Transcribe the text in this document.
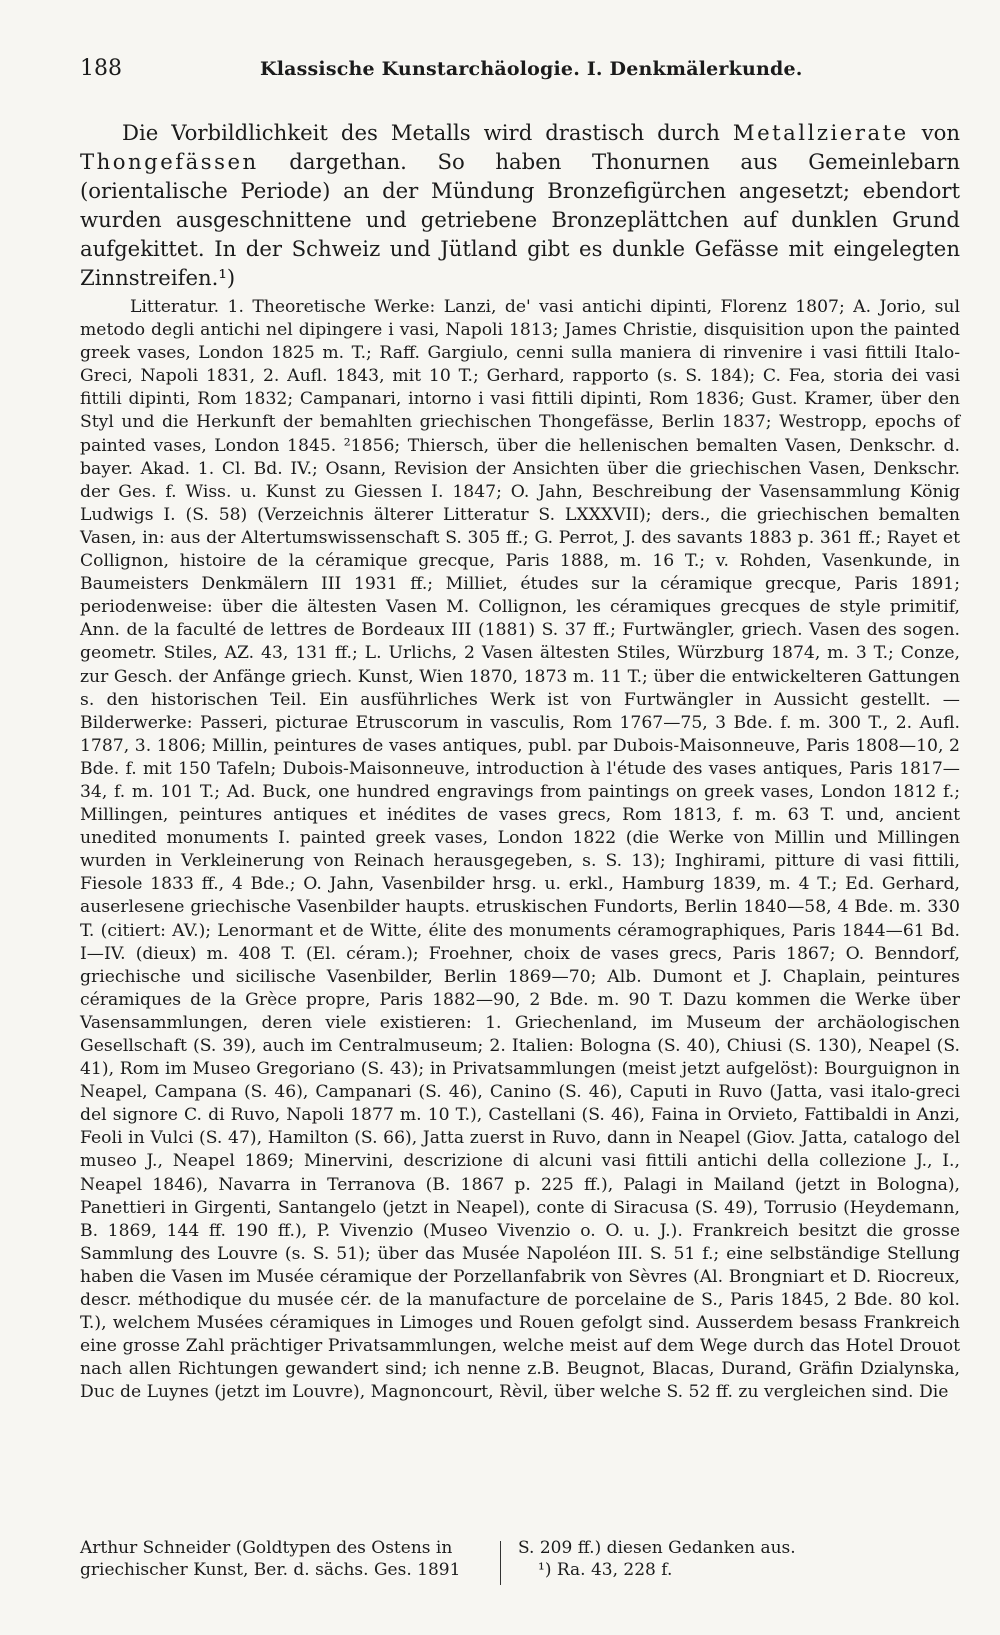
188	Klassische Kunstarchäologie. I. Denkmälerkunde.

Die Vorbildlichkeit des Metalls wird drastisch durch Metallzierate von Thongefässen dargethan. So haben Thonurnen aus Gemeinlebarn (orientalische Periode) an der Mündung Bronzefigürchen angesetzt; ebendort wurden ausgeschnittene und getriebene Bronzeplättchen auf dunklen Grund aufgekittet. In der Schweiz und Jütland gibt es dunkle Gefässe mit eingelegten Zinnstreifen.¹)

Litteratur. 1. Theoretische Werke: Lanzi, de' vasi antichi dipinti, Florenz 1807; A. Jorio, sul metodo degli antichi nel dipingere i vasi, Napoli 1813; James Christie, disquisition upon the painted greek vases, London 1825 m. T.; Raff. Gargiulo, cenni sulla maniera di rinvenire i vasi fittili Italo-Greci, Napoli 1831, 2. Aufl. 1843, mit 10 T.; Gerhard, rapporto (s. S. 184); C. Fea, storia dei vasi fittili dipinti, Rom 1832; Campanari, intorno i vasi fittili dipinti, Rom 1836; Gust. Kramer, über den Styl und die Herkunft der bemahlten griechischen Thongefässe, Berlin 1837; Westropp, epochs of painted vases, London 1845. ²1856; Thiersch, über die hellenischen bemalten Vasen, Denkschr. d. bayer. Akad. 1. Cl. Bd. IV.; Osann, Revision der Ansichten über die griechischen Vasen, Denkschr. der Ges. f. Wiss. u. Kunst zu Giessen I. 1847; O. Jahn, Beschreibung der Vasensammlung König Ludwigs I. (S. 58) (Verzeichnis älterer Litteratur S. LXXXVII); ders., die griechischen bemalten Vasen, in: aus der Altertumswissenschaft S. 305 ff.; G. Perrot, J. des savants 1883 p. 361 ff.; Rayet et Collignon, histoire de la céramique grecque, Paris 1888, m. 16 T.; v. Rohden, Vasenkunde, in Baumeisters Denkmälern III 1931 ff.; Milliet, études sur la céramique grecque, Paris 1891; periodenweise: über die ältesten Vasen M. Collignon, les céramiques grecques de style primitif, Ann. de la faculté de lettres de Bordeaux III (1881) S. 37 ff.; Furtwängler, griech. Vasen des sogen. geometr. Stiles, AZ. 43, 131 ff.; L. Urlichs, 2 Vasen ältesten Stiles, Würzburg 1874, m. 3 T.; Conze, zur Gesch. der Anfänge griech. Kunst, Wien 1870, 1873 m. 11 T.; über die entwickelteren Gattungen s. den historischen Teil. Ein ausführliches Werk ist von Furtwängler in Aussicht gestellt. — Bilderwerke: Passeri, picturae Etruscorum in vasculis, Rom 1767—75, 3 Bde. f. m. 300 T., 2. Aufl. 1787, 3. 1806; Millin, peintures de vases antiques, publ. par Dubois-Maisonneuve, Paris 1808—10, 2 Bde. f. mit 150 Tafeln; Dubois-Maisonneuve, introduction à l'étude des vases antiques, Paris 1817—34, f. m. 101 T.; Ad. Buck, one hundred engravings from paintings on greek vases, London 1812 f.; Millingen, peintures antiques et inédites de vases grecs, Rom 1813, f. m. 63 T. und, ancient unedited monuments I. painted greek vases, London 1822 (die Werke von Millin und Millingen wurden in Verkleinerung von Reinach herausgegeben, s. S. 13); Inghirami, pitture di vasi fittili, Fiesole 1833 ff., 4 Bde.; O. Jahn, Vasenbilder hrsg. u. erkl., Hamburg 1839, m. 4 T.; Ed. Gerhard, auserlesene griechische Vasenbilder haupts. etruskischen Fundorts, Berlin 1840—58, 4 Bde. m. 330 T. (citiert: AV.); Lenormant et de Witte, élite des monuments céramographiques, Paris 1844—61 Bd. I—IV. (dieux) m. 408 T. (El. céram.); Froehner, choix de vases grecs, Paris 1867; O. Benndorf, griechische und sicilische Vasenbilder, Berlin 1869—70; Alb. Dumont et J. Chaplain, peintures céramiques de la Grèce propre, Paris 1882—90, 2 Bde. m. 90 T. Dazu kommen die Werke über Vasensammlungen, deren viele existieren: 1. Griechenland, im Museum der archäologischen Gesellschaft (S. 39), auch im Centralmuseum; 2. Italien: Bologna (S. 40), Chiusi (S. 130), Neapel (S. 41), Rom im Museo Gregoriano (S. 43); in Privatsammlungen (meist jetzt aufgelöst): Bourguignon in Neapel, Campana (S. 46), Campanari (S. 46), Canino (S. 46), Caputi in Ruvo (Jatta, vasi italo-greci del signore C. di Ruvo, Napoli 1877 m. 10 T.), Castellani (S. 46), Faina in Orvieto, Fattibaldi in Anzi, Feoli in Vulci (S. 47), Hamilton (S. 66), Jatta zuerst in Ruvo, dann in Neapel (Giov. Jatta, catalogo del museo J., Neapel 1869; Minervini, descrizione di alcuni vasi fittili antichi della collezione J., I., Neapel 1846), Navarra in Terranova (B. 1867 p. 225 ff.), Palagi in Mailand (jetzt in Bologna), Panettieri in Girgenti, Santangelo (jetzt in Neapel), conte di Siracusa (S. 49), Torrusio (Heydemann, B. 1869, 144 ff. 190 ff.), P. Vivenzio (Museo Vivenzio o. O. u. J.). Frankreich besitzt die grosse Sammlung des Louvre (s. S. 51); über das Musée Napoléon III. S. 51 f.; eine selbständige Stellung haben die Vasen im Musée céramique der Porzellanfabrik von Sèvres (Al. Brongniart et D. Riocreux, descr. méthodique du musée cér. de la manufacture de porcelaine de S., Paris 1845, 2 Bde. 80 kol. T.), welchem Musées céramiques in Limoges und Rouen gefolgt sind. Ausserdem besass Frankreich eine grosse Zahl prächtiger Privatsammlungen, welche meist auf dem Wege durch das Hotel Drouot nach allen Richtungen gewandert sind; ich nenne z.B. Beugnot, Blacas, Durand, Gräfin Dzialynska, Duc de Luynes (jetzt im Louvre), Magnoncourt, Rèvil, über welche S. 52 ff. zu vergleichen sind. Die

Arthur Schneider (Goldtypen des Ostens in griechischer Kunst, Ber. d. sächs. Ges. 1891
S. 209 ff.) diesen Gedanken aus.
¹) Ra. 43, 228 f.
